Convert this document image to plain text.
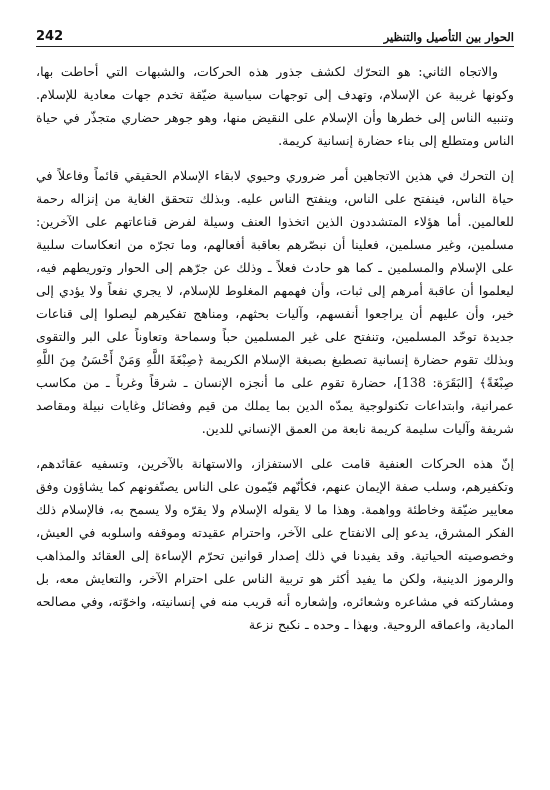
الحوار بين التأصيل والتنظير
242

والاتجاه الثاني: هو التحرّك لكشف جذور هذه الحركات، والشبهات التي أحاطت بها، وكونها غريبة عن الإسلام، وتهدف إلى توجهات سياسية ضيّقة تخدم جهات معادية للإسلام. وتنبيه الناس إلى خطرها وأن الإسلام على النقيض منها، وهو جوهر حضاري متجذّر في حياة الناس ومتطلع إلى بناء حضارة إنسانية كريمة.

إن التحرك في هذين الاتجاهين أمر ضروري وحيوي لابقاء الإسلام الحقيقي قائماً وفاعلاً في حياة الناس، فينفتح على الناس، وينفتح الناس عليه. وبذلك تتحقق الغاية من إنزاله رحمة للعالمين. أما هؤلاء المتشددون الذين اتخذوا العنف وسيلة لفرض قناعاتهم على الآخرين: مسلمين، وغير مسلمين، فعلينا أن نبصّرهم بعاقبة أفعالهم، وما تجرّه من انعكاسات سلبية على الإسلام والمسلمين ـ كما هو حادث فعلاً ـ وذلك عن جرّهم إلى الحوار وتوريطهم فيه، ليعلموا أن عاقبة أمرهم إلى ثبات، وأن فهمهم المغلوط للإسلام، لا يجري نفعاً ولا يؤدي إلى خير، وأن عليهم أن يراجعوا أنفسهم، وآليات بحثهم، ومناهج تفكيرهم ليصلوا إلى قناعات جديدة توحّد المسلمين، وتنفتح على غير المسلمين حباً وسماحة وتعاوناً على البر والتقوى وبذلك تقوم حضارة إنسانية تصطبغ بصبغة الإسلام الكريمة ﴿صِبْغَةَ اللَّهِ وَمَنْ أَحْسَنُ مِنَ اللَّهِ صِبْغَةً﴾ [البَقَرَة: 138]، حضارة تقوم على ما أنجزه الإنسان ـ شرقاً وغرباً ـ من مكاسب عمرانية، وابتداعات تكنولوجية يمدّه الدين بما يملك من قيم وفضائل وغايات نبيلة ومقاصد شريفة وآليات سليمة كريمة نابعة من العمق الإنساني للدين.

إنّ هذه الحركات العنفية قامت على الاستفزاز، والاستهانة بالآخرين، وتسفيه عقائدهم، وتكفيرهم، وسلب صفة الإيمان عنهم، فكأنّهم قيّمون على الناس يصنّفونهم كما يشاؤون وفق معايير ضيّقة وخاطئة وواهمة. وهذا ما لا يقوله الإسلام ولا يقرّه ولا يسمح به، فالإسلام ذلك الفكر المشرق، يدعو إلى الانفتاح على الآخر، واحترام عقيدته وموقفه واسلوبه في العيش، وخصوصيته الحياتية. وقد يفيدنا في ذلك إصدار قوانين تحرّم الإساءة إلى العقائد والمذاهب والرموز الدينية، ولكن ما يفيد أكثر هو تربية الناس على احترام الآخر، والتعايش معه، بل ومشاركته في مشاعره وشعائره، وإشعاره أنه قريب منه في إنسانيته، واخوّته، وفي مصالحه المادية، واعماقه الروحية. وبهذا ـ وحده ـ نكبح نزعة
